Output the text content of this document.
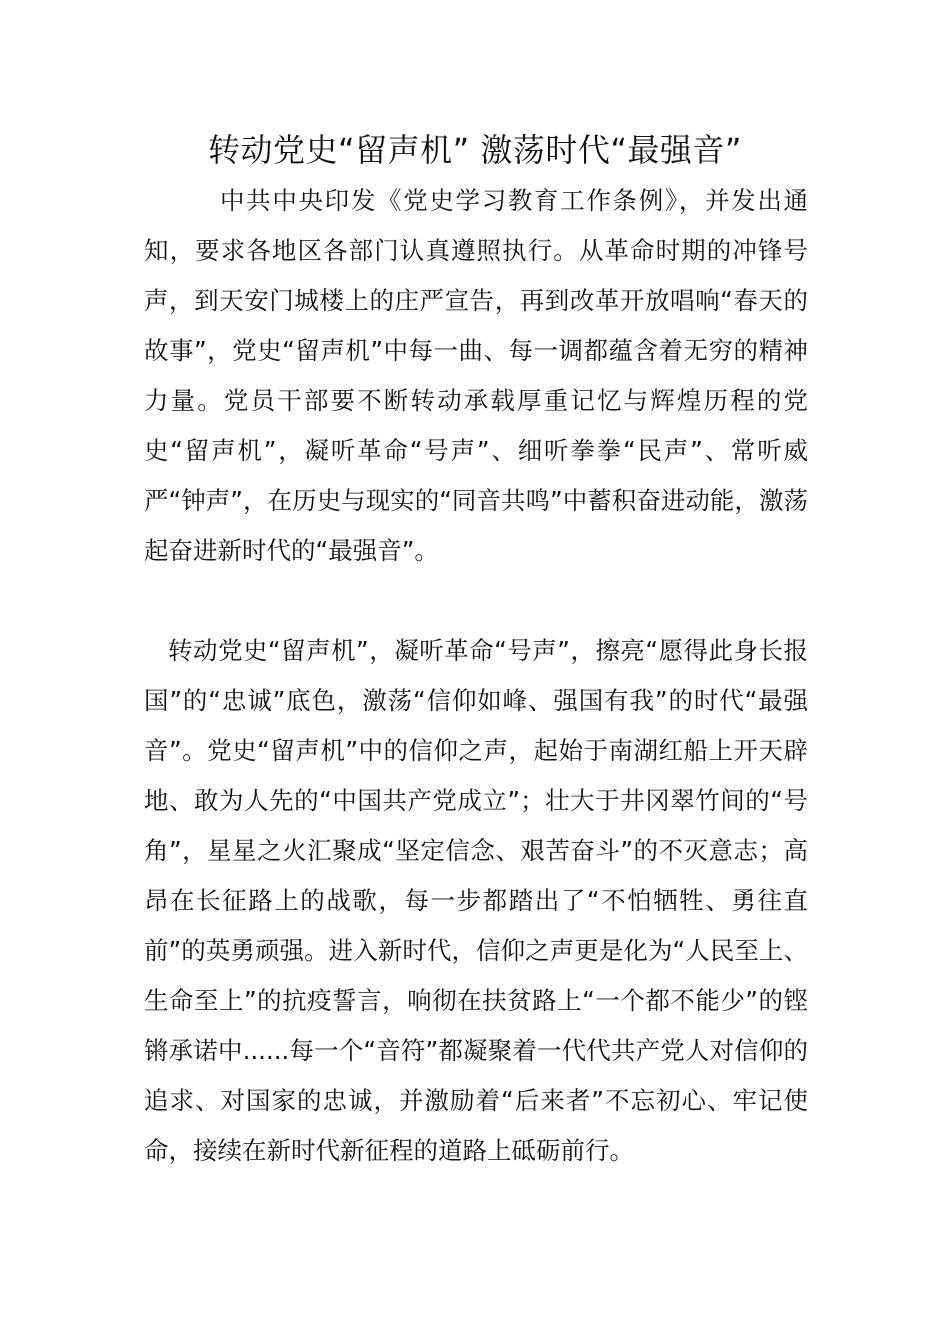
转动党史“留声机” 激荡时代“最强音”

中共中央印发《党史学习教育工作条例》，并发出通知，要求各地区各部门认真遵照执行。从革命时期的冲锋号声，到天安门城楼上的庄严宣告，再到改革开放唱响“春天的故事”，党史“留声机”中每一曲、每一调都蕴含着无穷的精神力量。党员干部要不断转动承载厚重记忆与辉煌历程的党史“留声机”，凝听革命“号声”、细听拳拳“民声”、常听威严“钟声”，在历史与现实的“同音共鸣”中蓄积奋进动能，激荡起奋进新时代的“最强音”。

转动党史“留声机”，凝听革命“号声”，擦亮“愿得此身长报国”的“忠诚”底色，激荡“信仰如峰、强国有我”的时代“最强音”。党史“留声机”中的信仰之声，起始于南湖红船上开天辟地、敢为人先的“中国共产党成立”；壮大于井冈翠竹间的“号角”，星星之火汇聚成“坚定信念、艰苦奋斗”的不灭意志；高昂在长征路上的战歌，每一步都踏出了“不怕牺牲、勇往直前”的英勇顽强。进入新时代，信仰之声更是化为“人民至上、生命至上”的抗疫誓言，响彻在扶贫路上“一个都不能少”的铿锵承诺中......每一个“音符”都凝聚着一代代共产党人对信仰的追求、对国家的忠诚，并激励着“后来者”不忘初心、牢记使命，接续在新时代新征程的道路上砥砺前行。
